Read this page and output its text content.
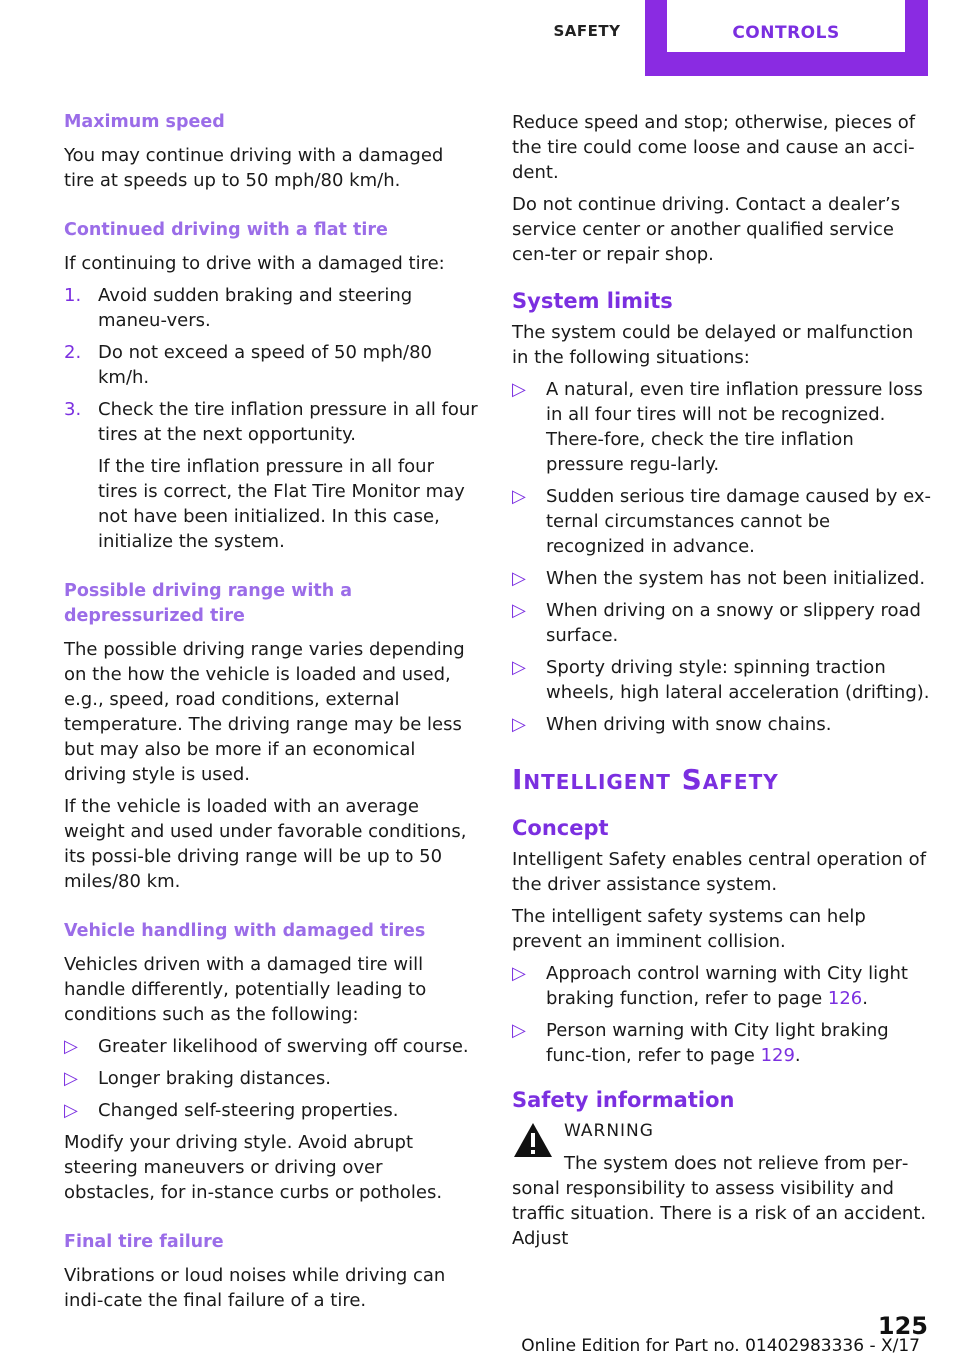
SAFETY	CONTROLS
Maximum speed

You may continue driving with a damaged tire at speeds up to 50 mph/80 km/h.

Continued driving with a flat tire

If continuing to drive with a damaged tire:

1. Avoid sudden braking and steering maneu‐vers.
2. Do not exceed a speed of 50 mph/80 km/h.
3. Check the tire inflation pressure in all four tires at the next opportunity.
If the tire inflation pressure in all four tires is correct, the Flat Tire Monitor may not have been initialized. In this case, initialize the system.
Possible driving range with a depressurized tire

The possible driving range varies depending on the how the vehicle is loaded and used, e.g., speed, road conditions, external temperature. The driving range may be less but may also be more if an economical driving style is used.

If the vehicle is loaded with an average weight and used under favorable conditions, its possi‐ble driving range will be up to 50 miles/80 km.

Vehicle handling with damaged tires

Vehicles driven with a damaged tire will handle differently, potentially leading to conditions such as the following:

▷ Greater likelihood of swerving off course.
▷ Longer braking distances.
▷ Changed self-steering properties.

Modify your driving style. Avoid abrupt steering maneuvers or driving over obstacles, for in‐stance curbs or potholes.

Final tire failure

Vibrations or loud noises while driving can indi‐cate the final failure of a tire.

Reduce speed and stop; otherwise, pieces of the tire could come loose and cause an acci‐dent.

Do not continue driving. Contact a dealer’s service center or another qualified service cen‐ter or repair shop.

System limits

The system could be delayed or malfunction in the following situations:

▷ A natural, even tire inflation pressure loss in all four tires will not be recognized. There‐fore, check the tire inflation pressure regu‐larly.
▷ Sudden serious tire damage caused by ex‐ternal circumstances cannot be recognized in advance.
▷ When the system has not been initialized.
▷ When driving on a snowy or slippery road surface.
▷ Sporty driving style: spinning traction wheels, high lateral acceleration (drifting).
▷ When driving with snow chains.
Intelligent Safety
Concept

Intelligent Safety enables central operation of the driver assistance system.

The intelligent safety systems can help prevent an imminent collision.

▷ Approach control warning with City light braking function, refer to page 126.
▷ Person warning with City light braking func‐tion, refer to page 129.
Safety information
WARNING
The system does not relieve from per‐
sonal responsibility to assess visibility and traffic situation. There is a risk of an accident. Adjust
125
Online Edition for Part no. 01402983336 - X/17
